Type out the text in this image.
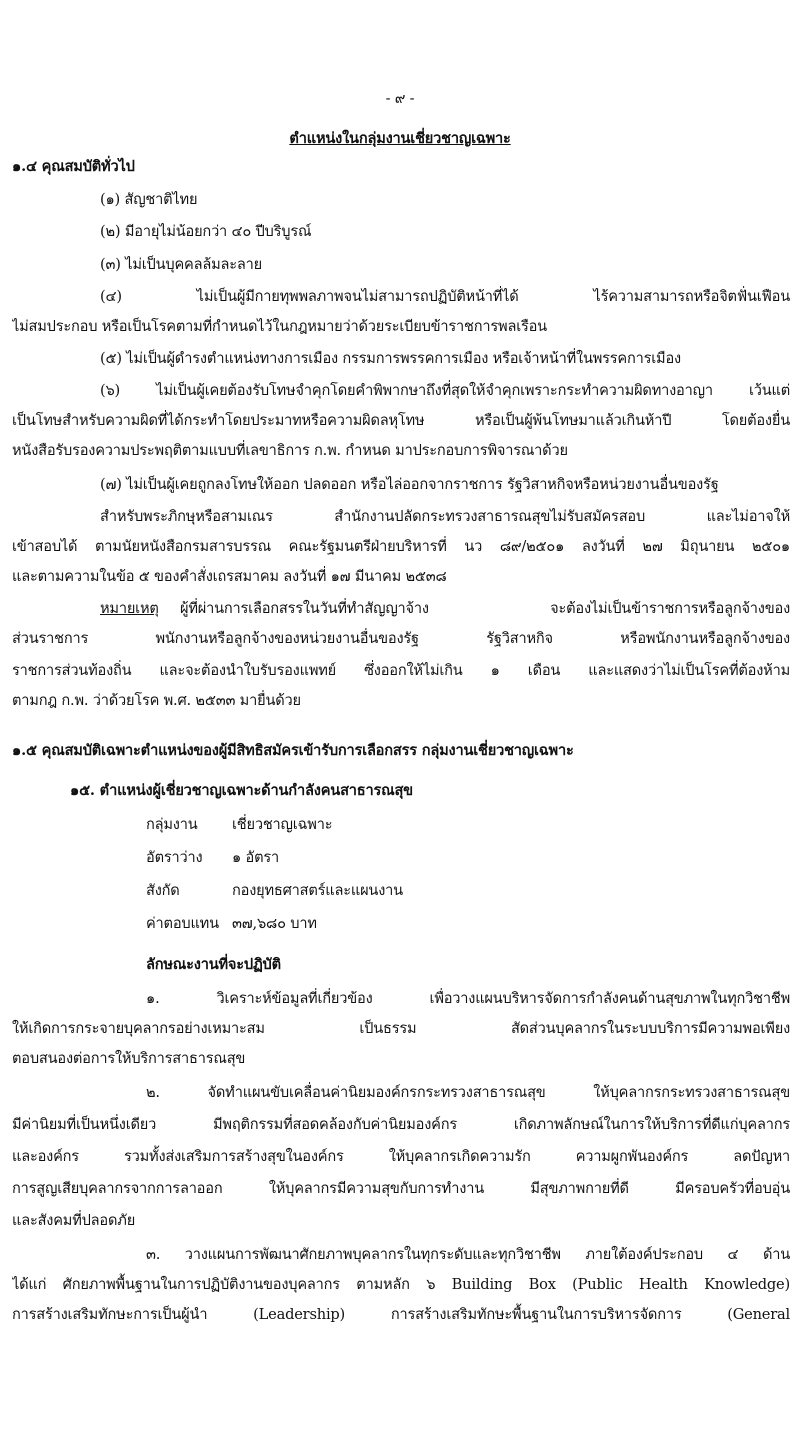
- ๙ -
ตำแหน่งในกลุ่มงานเชี่ยวชาญเฉพาะ
๑.๔ คุณสมบัติทั่วไป
(๑) สัญชาติไทย
(๒) มีอายุไม่น้อยกว่า ๔๐ ปีบริบูรณ์
(๓) ไม่เป็นบุคคลล้มละลาย
(๔) ไม่เป็นผู้มีกายทุพพลภาพจนไม่สามารถปฏิบัติหน้าที่ได้ ไร้ความสามารถหรือจิตฟั่นเฟือน
ไม่สมประกอบ หรือเป็นโรคตามที่กำหนดไว้ในกฎหมายว่าด้วยระเบียบข้าราชการพลเรือน
(๕) ไม่เป็นผู้ดำรงตำแหน่งทางการเมือง กรรมการพรรคการเมือง หรือเจ้าหน้าที่ในพรรคการเมือง
(๖) ไม่เป็นผู้เคยต้องรับโทษจำคุกโดยคำพิพากษาถึงที่สุดให้จำคุกเพราะกระทำความผิดทางอาญา เว้นแต่
เป็นโทษสำหรับความผิดที่ได้กระทำโดยประมาทหรือความผิดลหุโทษ หรือเป็นผู้พ้นโทษมาแล้วเกินห้าปี โดยต้องยื่น
หนังสือรับรองความประพฤติตามแบบที่เลขาธิการ ก.พ. กำหนด มาประกอบการพิจารณาด้วย
(๗) ไม่เป็นผู้เคยถูกลงโทษให้ออก ปลดออก หรือไล่ออกจากราชการ รัฐวิสาหกิจหรือหน่วยงานอื่นของรัฐ
สำหรับพระภิกษุหรือสามเณร สำนักงานปลัดกระทรวงสาธารณสุขไม่รับสมัครสอบ และไม่อาจให้
เข้าสอบได้ ตามนัยหนังสือกรมสารบรรณ คณะรัฐมนตรีฝ่ายบริหารที่ นว ๘๙/๒๕๐๑ ลงวันที่ ๒๗ มิถุนายน ๒๕๐๑
และตามความในข้อ ๕ ของคำสั่งเถรสมาคม ลงวันที่ ๑๗ มีนาคม ๒๕๓๘
หมายเหตุ ผู้ที่ผ่านการเลือกสรรในวันที่ทำสัญญาจ้าง จะต้องไม่เป็นข้าราชการหรือลูกจ้างของ
ส่วนราชการ พนักงานหรือลูกจ้างของหน่วยงานอื่นของรัฐ รัฐวิสาหกิจ หรือพนักงานหรือลูกจ้างของ
ราชการส่วนท้องถิ่น และจะต้องนำใบรับรองแพทย์ ซึ่งออกให้ไม่เกิน ๑ เดือน และแสดงว่าไม่เป็นโรคที่ต้องห้าม
ตามกฎ ก.พ. ว่าด้วยโรค พ.ศ. ๒๕๓๓ มายื่นด้วย
๑.๕ คุณสมบัติเฉพาะตำแหน่งของผู้มีสิทธิสมัครเข้ารับการเลือกสรร กลุ่มงานเชี่ยวชาญเฉพาะ
๑๕. ตำแหน่งผู้เชี่ยวชาญเฉพาะด้านกำลังคนสาธารณสุข
กลุ่มงาน เชี่ยวชาญเฉพาะ
อัตราว่าง ๑ อัตรา
สังกัด	กองยุทธศาสตร์และแผนงาน
ค่าตอบแทน ๓๗,๖๘๐ บาท
ลักษณะงานที่จะปฏิบัติ
๑. วิเคราะห์ข้อมูลที่เกี่ยวข้อง เพื่อวางแผนบริหารจัดการกำลังคนด้านสุขภาพในทุกวิชาชีพ
ให้เกิดการกระจายบุคลากรอย่างเหมาะสม เป็นธรรม สัดส่วนบุคลากรในระบบบริการมีความพอเพียง
ตอบสนองต่อการให้บริการสาธารณสุข
๒. จัดทำแผนขับเคลื่อนค่านิยมองค์กรกระทรวงสาธารณสุข ให้บุคลากรกระทรวงสาธารณสุข
มีค่านิยมที่เป็นหนึ่งเดียว มีพฤติกรรมที่สอดคล้องกับค่านิยมองค์กร เกิดภาพลักษณ์ในการให้บริการที่ดีแก่บุคลากร
และองค์กร รวมทั้งส่งเสริมการสร้างสุขในองค์กร ให้บุคลากรเกิดความรัก ความผูกพันองค์กร ลดปัญหา
การสูญเสียบุคลากรจากการลาออก ให้บุคลากรมีความสุขกับการทำงาน มีสุขภาพกายที่ดี มีครอบครัวที่อบอุ่น
และสังคมที่ปลอดภัย
๓. วางแผนการพัฒนาศักยภาพบุคลากรในทุกระดับและทุกวิชาชีพ ภายใต้องค์ประกอบ ๔ ด้าน
ได้แก่ ศักยภาพพื้นฐานในการปฏิบัติงานของบุคลากร ตามหลัก ๖ Building Box (Public Health Knowledge)
การสร้างเสริมทักษะการเป็นผู้นำ (Leadership) การสร้างเสริมทักษะพื้นฐานในการบริหารจัดการ (General
